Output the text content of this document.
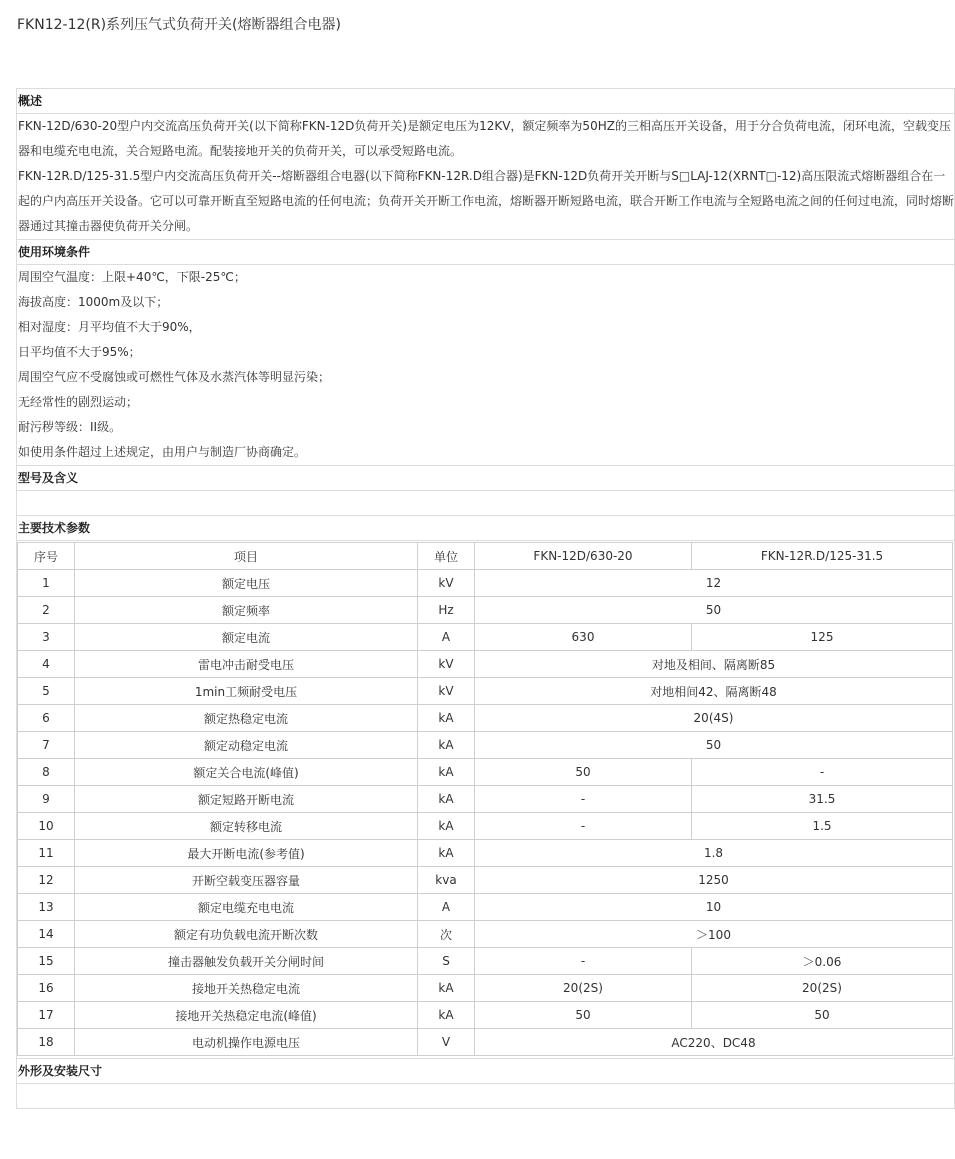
FKN12-12(R)系列压气式负荷开关(熔断器组合电器)
概述
FKN-12D/630-20型户内交流高压负荷开关(以下简称FKN-12D负荷开关)是额定电压为12KV，额定频率为50HZ的三相高压开关设备，用于分合负荷电流，闭环电流，空载变压器和电缆充电电流，关合短路电流。配装接地开关的负荷开关，可以承受短路电流。
FKN-12R.D/125-31.5型户内交流高压负荷开关--熔断器组合电器(以下简称FKN-12R.D组合器)是FKN-12D负荷开关开断与S□LAJ-12(XRNT□-12)高压限流式熔断器组合在一起的户内高压开关设备。它可以可靠开断直至短路电流的任何电流；负荷开关开断工作电流，熔断器开断短路电流，联合开断工作电流与全短路电流之间的任何过电流，同时熔断器通过其撞击器使负荷开关分闸。
使用环境条件
周围空气温度：上限+40℃，下限-25℃；
海拔高度：1000m及以下；
相对湿度：月平均值不大于90%，
日平均值不大于95%；
周围空气应不受腐蚀或可燃性气体及水蒸汽体等明显污染；
无经常性的剧烈运动；
耐污秽等级：II级。
如使用条件超过上述规定，由用户与制造厂协商确定。
型号及含义
主要技术参数
序号	项目	单位	FKN-12D/630-20	FKN-12R.D/125-31.5
1	额定电压	kV	12	
2	额定频率	Hz	50	
3	额定电流	A	630	125
4	雷电冲击耐受电压	kV	对地及相间、隔离断85	
5	1min工频耐受电压	kV	对地相间42、隔离断48	
6	额定热稳定电流	kA	20(4S)	
7	额定动稳定电流	kA	50	
8	额定关合电流(峰值)	kA	50	-
9	额定短路开断电流	kA	-	31.5
10	额定转移电流	kA	-	1.5
11	最大开断电流(参考值)	kA	1.8	
12	开断空载变压器容量	kva	1250	
13	额定电缆充电电流	A	10	
14	额定有功负载电流开断次数	次	＞100	
15	撞击器触发负载开关分闸时间	S	-	＞0.06
16	接地开关热稳定电流	kA	20(2S)	20(2S)
17	接地开关热稳定电流(峰值)	kA	50	50
18	电动机操作电源电压	V	AC220、DC48	
外形及安装尺寸
